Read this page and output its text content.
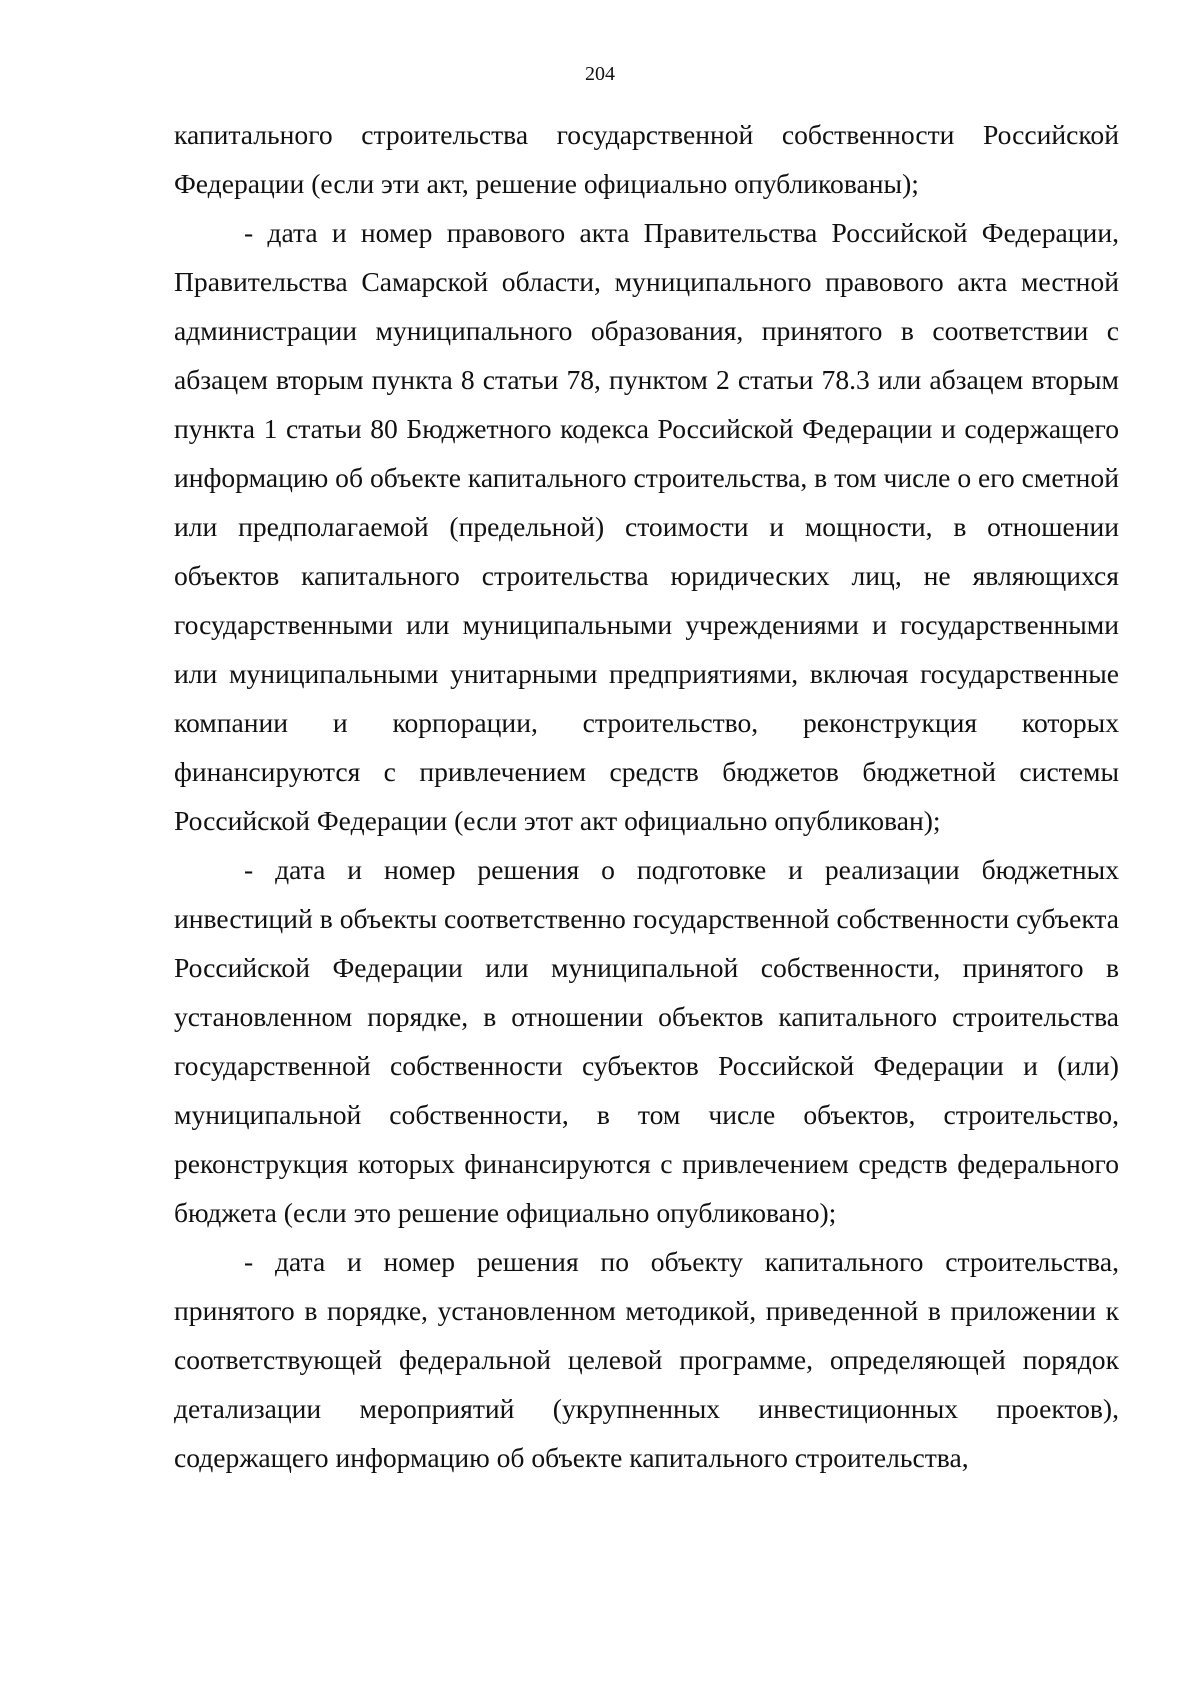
204

капитального строительства государственной собственности Российской Федерации (если эти акт, решение официально опубликованы);

- дата и номер правового акта Правительства Российской Федерации, Правительства Самарской области, муниципального правового акта местной администрации муниципального образования, принятого в соответствии с абзацем вторым пункта 8 статьи 78, пунктом 2 статьи 78.3 или абзацем вторым пункта 1 статьи 80 Бюджетного кодекса Российской Федерации и содержащего информацию об объекте капитального строительства, в том числе о его сметной или предполагаемой (предельной) стоимости и мощности, в отношении объектов капитального строительства юридических лиц, не являющихся государственными или муниципальными учреждениями и государственными или муниципальными унитарными предприятиями, включая государственные компании и корпорации, строительство, реконструкция которых финансируются с привлечением средств бюджетов бюджетной системы Российской Федерации (если этот акт официально опубликован);

- дата и номер решения о подготовке и реализации бюджетных инвестиций в объекты соответственно государственной собственности субъекта Российской Федерации или муниципальной собственности, принятого в установленном порядке, в отношении объектов капитального строительства государственной собственности субъектов Российской Федерации и (или) муниципальной собственности, в том числе объектов, строительство, реконструкция которых финансируются с привлечением средств федерального бюджета (если это решение официально опубликовано);

- дата и номер решения по объекту капитального строительства, принятого в порядке, установленном методикой, приведенной в приложении к соответствующей федеральной целевой программе, определяющей порядок детализации мероприятий (укрупненных инвестиционных проектов), содержащего информацию об объекте капитального строительства,
